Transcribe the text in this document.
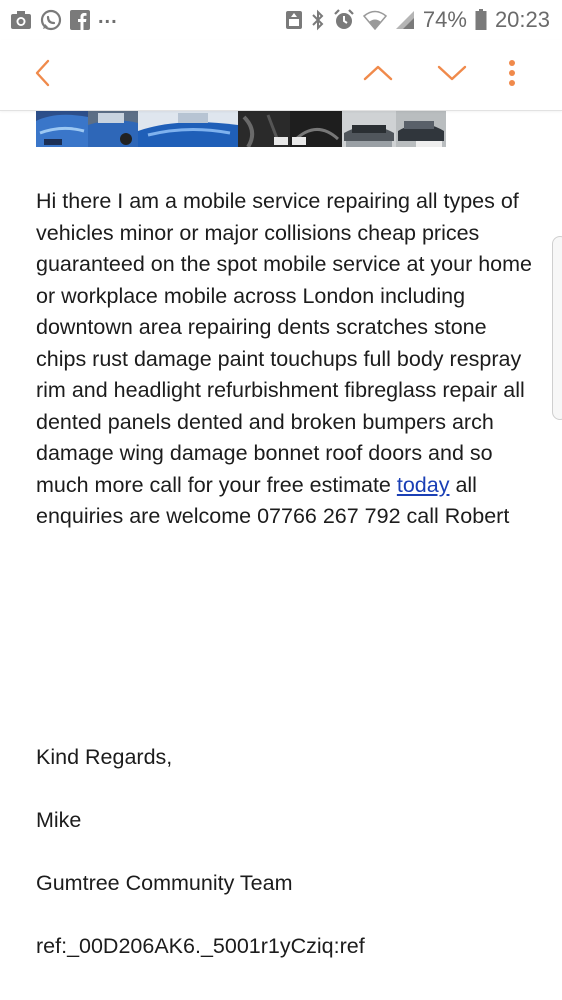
...	74% 20:23
Hi there I am a mobile service repairing all types of vehicles minor or major collisions cheap prices guaranteed on the spot mobile service at your home or workplace mobile across London including downtown area repairing dents scratches stone chips rust damage paint touchups full body respray rim and headlight refurbishment fibreglass repair all dented panels dented and broken bumpers arch damage wing damage bonnet roof doors and so much more call for your free estimate today all enquiries are welcome 07766 267 792 call Robert
Kind Regards,
Mike
Gumtree Community Team
ref:_00D206AK6._5001r1yCziq:ref
